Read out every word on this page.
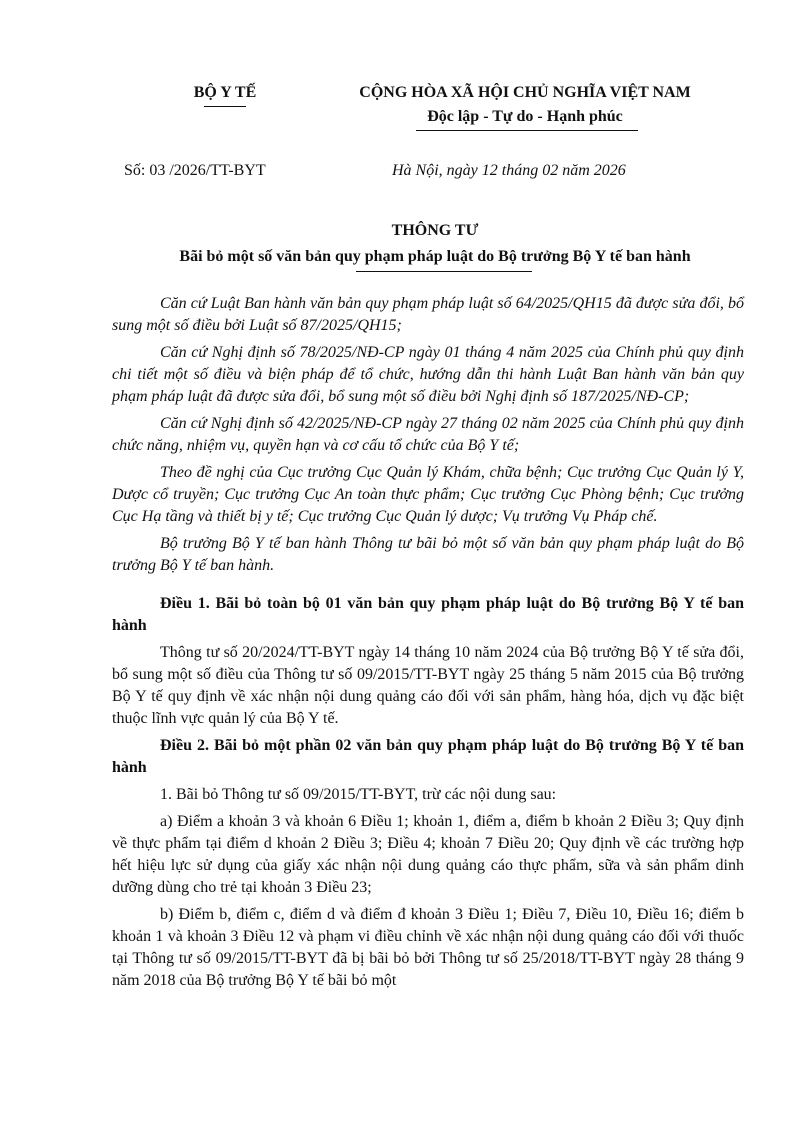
BỘ Y TẾ	CỘNG HÒA XÃ HỘI CHỦ NGHĨA VIỆT NAM
Độc lập - Tự do - Hạnh phúc
Số: 03 /2026/TT-BYT	Hà Nội, ngày 12 tháng 02 năm 2026
THÔNG TƯ
Bãi bỏ một số văn bản quy phạm pháp luật do Bộ trưởng Bộ Y tế ban hành

Căn cứ Luật Ban hành văn bản quy phạm pháp luật số 64/2025/QH15 đã được sửa đổi, bổ sung một số điều bởi Luật số 87/2025/QH15;

Căn cứ Nghị định số 78/2025/NĐ-CP ngày 01 tháng 4 năm 2025 của Chính phủ quy định chi tiết một số điều và biện pháp để tổ chức, hướng dẫn thi hành Luật Ban hành văn bản quy phạm pháp luật đã được sửa đổi, bổ sung một số điều bởi Nghị định số 187/2025/NĐ-CP;

Căn cứ Nghị định số 42/2025/NĐ-CP ngày 27 tháng 02 năm 2025 của Chính phủ quy định chức năng, nhiệm vụ, quyền hạn và cơ cấu tổ chức của Bộ Y tế;

Theo đề nghị của Cục trưởng Cục Quản lý Khám, chữa bệnh; Cục trưởng Cục Quản lý Y, Dược cổ truyền; Cục trưởng Cục An toàn thực phẩm; Cục trưởng Cục Phòng bệnh; Cục trưởng Cục Hạ tầng và thiết bị y tế; Cục trưởng Cục Quản lý dược; Vụ trưởng Vụ Pháp chế.

Bộ trưởng Bộ Y tế ban hành Thông tư bãi bỏ một số văn bản quy phạm pháp luật do Bộ trưởng Bộ Y tế ban hành.

Điều 1. Bãi bỏ toàn bộ 01 văn bản quy phạm pháp luật do Bộ trưởng Bộ Y tế ban hành

Thông tư số 20/2024/TT-BYT ngày 14 tháng 10 năm 2024 của Bộ trưởng Bộ Y tế sửa đổi, bổ sung một số điều của Thông tư số 09/2015/TT-BYT ngày 25 tháng 5 năm 2015 của Bộ trưởng Bộ Y tế quy định về xác nhận nội dung quảng cáo đối với sản phẩm, hàng hóa, dịch vụ đặc biệt thuộc lĩnh vực quản lý của Bộ Y tế.

Điều 2. Bãi bỏ một phần 02 văn bản quy phạm pháp luật do Bộ trưởng Bộ Y tế ban hành

1. Bãi bỏ Thông tư số 09/2015/TT-BYT, trừ các nội dung sau:

a) Điểm a khoản 3 và khoản 6 Điều 1; khoản 1, điểm a, điểm b khoản 2 Điều 3; Quy định về thực phẩm tại điểm d khoản 2 Điều 3; Điều 4; khoản 7 Điều 20; Quy định về các trường hợp hết hiệu lực sử dụng của giấy xác nhận nội dung quảng cáo thực phẩm, sữa và sản phẩm dinh dưỡng dùng cho trẻ tại khoản 3 Điều 23;

b) Điểm b, điểm c, điểm d và điểm đ khoản 3 Điều 1; Điều 7, Điều 10, Điều 16; điểm b khoản 1 và khoản 3 Điều 12 và phạm vi điều chỉnh về xác nhận nội dung quảng cáo đối với thuốc tại Thông tư số 09/2015/TT-BYT đã bị bãi bỏ bởi Thông tư số 25/2018/TT-BYT ngày 28 tháng 9 năm 2018 của Bộ trưởng Bộ Y tế bãi bỏ một
